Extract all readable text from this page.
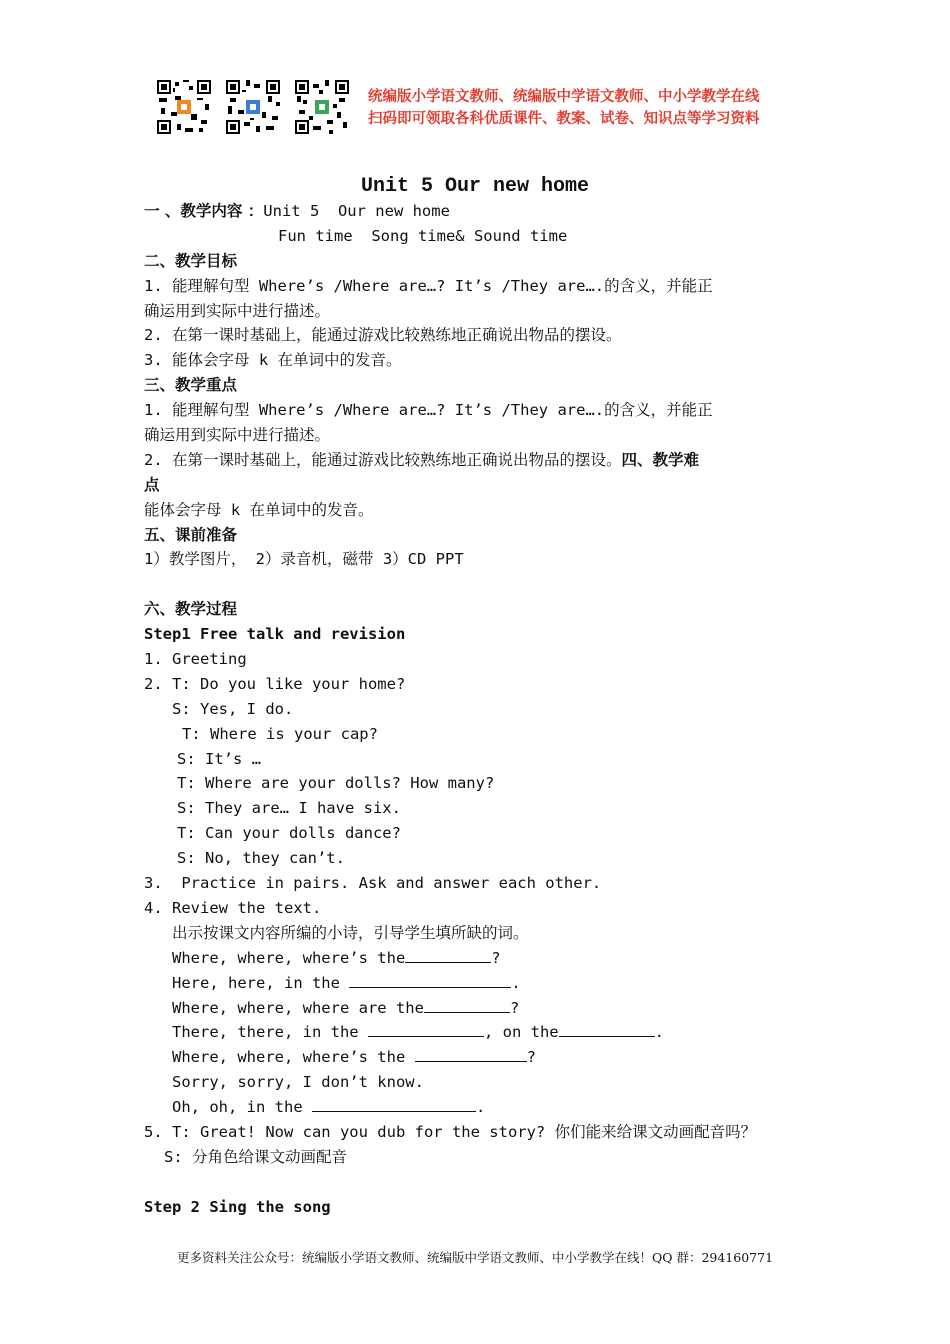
统编版小学语文教师、统编版中学语文教师、中小学教学在线
扫码即可领取各科优质课件、教案、试卷、知识点等学习资料
Unit 5 Our new home
一 、教学内容 ：Unit 5  Our new home
Fun time  Song time& Sound time
二、教学目标
1. 能理解句型 Where’s /Where are…? It’s /They are….的含义，并能正
确运用到实际中进行描述。
2. 在第一课时基础上，能通过游戏比较熟练地正确说出物品的摆设。
3. 能体会字母 k 在单词中的发音。
三、教学重点
1. 能理解句型 Where’s /Where are…? It’s /They are….的含义，并能正
确运用到实际中进行描述。
2. 在第一课时基础上，能通过游戏比较熟练地正确说出物品的摆设。四、教学难
点
能体会字母 k 在单词中的发音。
五、课前准备
1）教学图片， 2）录音机，磁带 3）CD PPT
六、教学过程
Step1 Free talk and revision
1. Greeting
2. T: Do you like your home?
S: Yes, I do.
T: Where is your cap?
S: It’s …
T: Where are your dolls? How many?
S: They are… I have six.
T: Can your dolls dance?
S: No, they can’t.
3.  Practice in pairs. Ask and answer each other.
4. Review the text.
出示按课文内容所编的小诗，引导学生填所缺的词。
Where, where, where’s the	?
Here, here, in the	.
Where, where, where are the	?
There, there, in the	, on the	.
Where, where, where’s the	?
Sorry, sorry, I don’t know.
Oh, oh, in the	.
5. T: Great! Now can you dub for the story? 你们能来给课文动画配音吗？
S: 分角色给课文动画配音
Step 2 Sing the song
更多资料关注公众号：统编版小学语文教师、统编版中学语文教师、中小学教学在线！QQ 群：294160771
